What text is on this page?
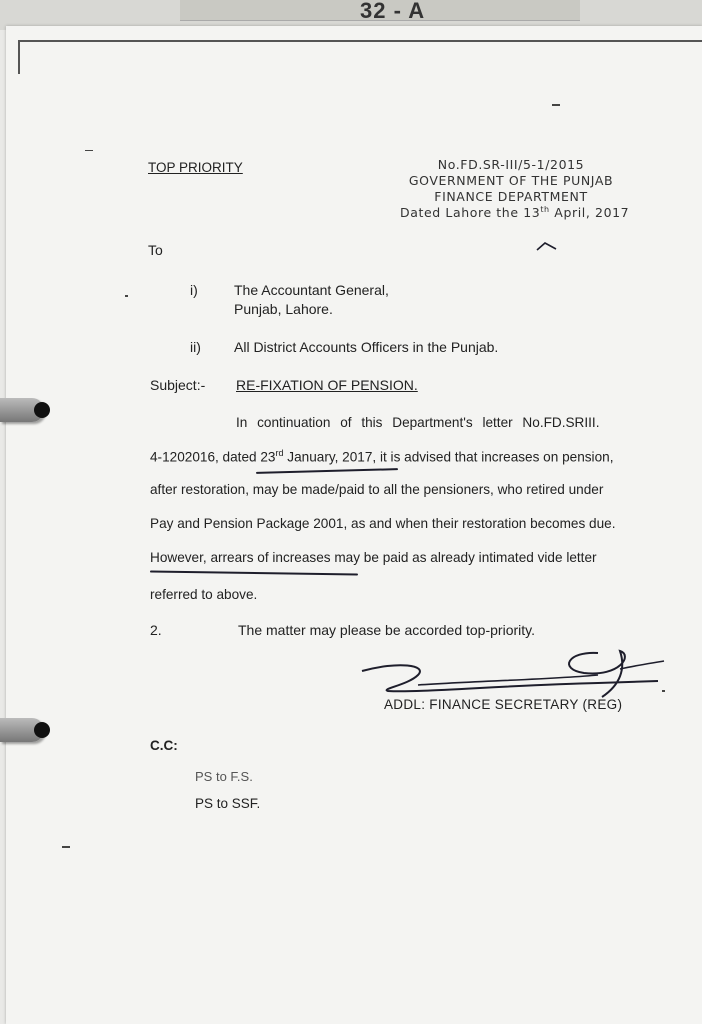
32 - A
TOP PRIORITY	No.FD.SR-III/5-1/2015
GOVERNMENT OF THE PUNJAB
FINANCE DEPARTMENT
Dated Lahore the 13th April, 2017
To
i)	The Accountant General,
Punjab, Lahore.
ii) All District Accounts Officers in the Punjab.
Subject:- RE-FIXATION OF PENSION.
In continuation of this Department's letter No.FD.SRIII.
4-1202016, dated 23rd January, 2017, it is advised that increases on pension,
after restoration, may be made/paid to all the pensioners, who retired under
Pay and Pension Package 2001, as and when their restoration becomes due.
However, arrears of increases may be paid as already intimated vide letter
referred to above.
2.	The matter may please be accorded top-priority.
ADDL: FINANCE SECRETARY (REG)
C.C:
PS to F.S.
PS to SSF.
